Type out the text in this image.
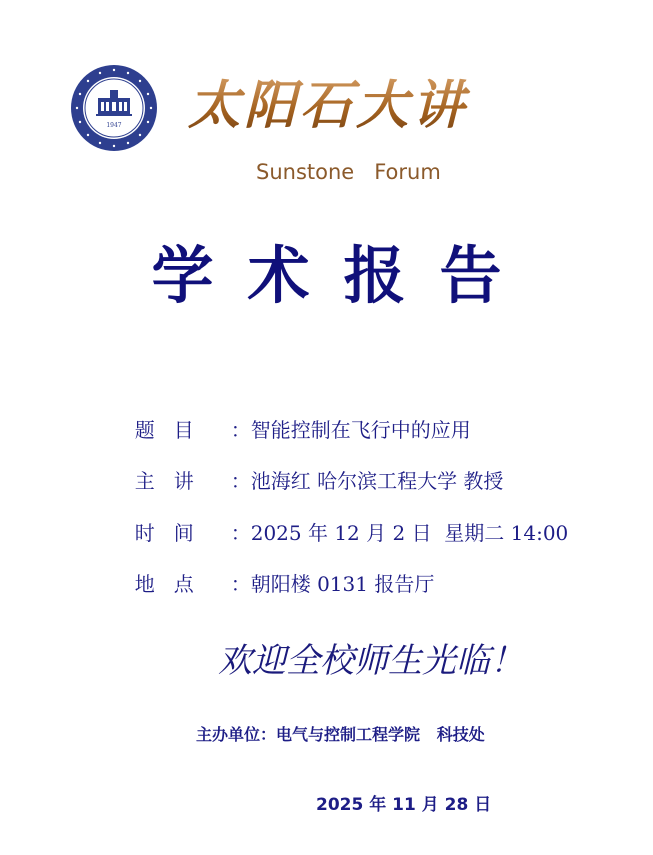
1947 太阳石大讲堂 Sunstone   Forum
学术报告

题   目 ：智能控制在飞行中的应用

主   讲 ：池海红 哈尔滨工程大学 教授

时   间 ：2025 年 12 月 2 日  星期二 14:00

地   点 ：朝阳楼 0131 报告厅

欢迎全校师生光临！
主办单位：电气与控制工程学院   科技处
2025 年 11 月 28 日
